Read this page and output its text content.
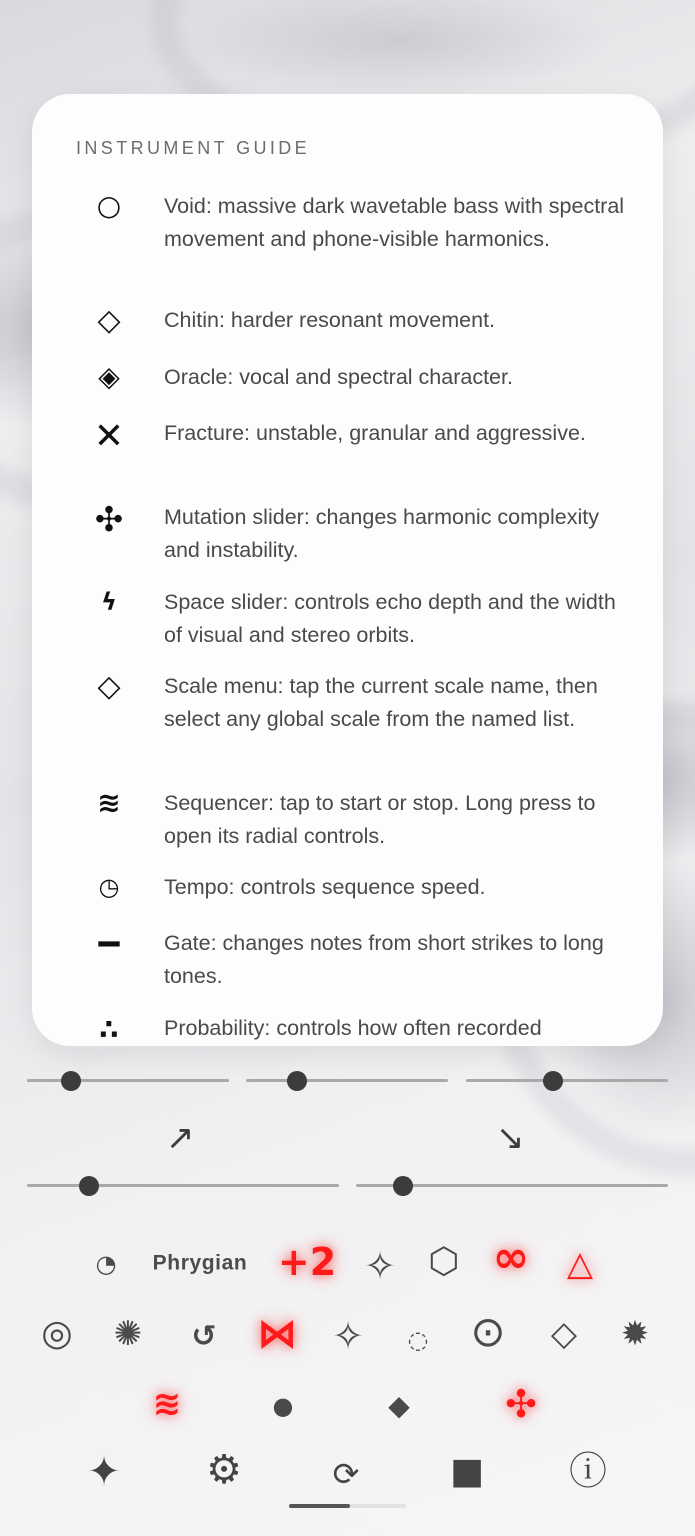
INSTRUMENT GUIDE
○	Void: massive dark wavetable bass with spectral movement and phone-visible harmonics.
◇	Chitin: harder resonant movement.
◈	Oracle: vocal and spectral character.
✕	Fracture: unstable, granular and aggressive.
✣	Mutation slider: changes harmonic complexity and instability.
ϟ	Space slider: controls echo depth and the width of visual and stereo orbits.
◇	Scale menu: tap the current scale name, then select any global scale from the named list.
≋	Sequencer: tap to start or stop. Long press to open its radial controls.
◷	Tempo: controls sequence speed.
▬	Gate: changes notes from short strikes to long tones.
∴	Probability: controls how often recorded
↗	↘
◔ Phrygian +2 ✧ ⬡ ∞ △
◎ ✺ ↺ ⋈ ✧ ◌ ⊙ ◇ ✹
≋	●	◆	✣
✦ ⚙	⟳	■ ⓘ
